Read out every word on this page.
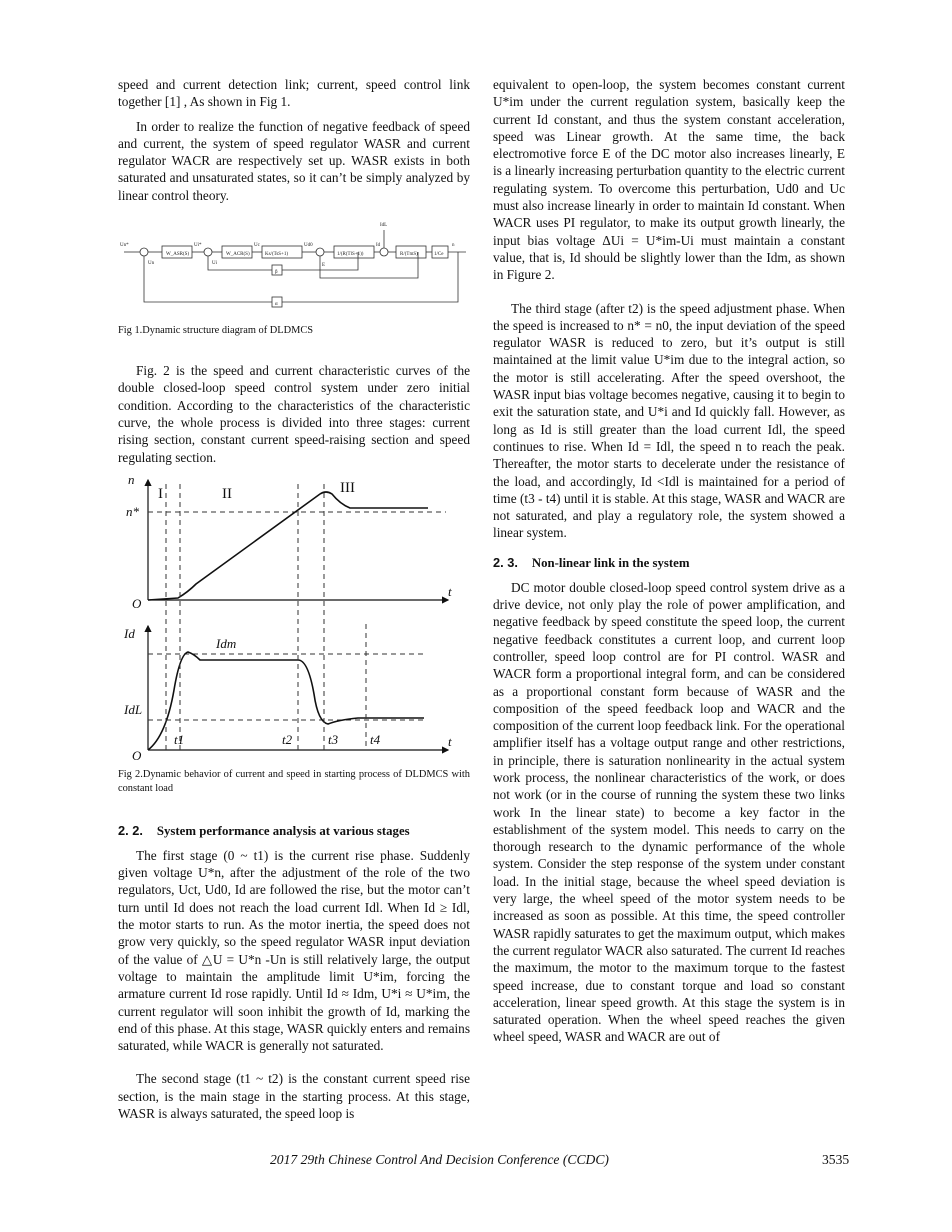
speed and current detection link; current, speed control link together [1] , As shown in Fig 1.

In order to realize the function of negative feedback of speed and current, the system of speed regulator WASR and current regulator WACR are respectively set up. WASR exists in both saturated and unsaturated states, so it can’t be simply analyzed by linear control theory.

W_ASR(S)	W_ACR(S)	Ks/(TsS+1)	1/(R(TlS+1))	R/(TmS)	1/Ce
β
α
Un*	Ui*	Uc	Ud0	Id
IdL
E
n
Un	Ui

Fig 1.Dynamic structure diagram of DLDMCS

Fig. 2 is the speed and current characteristic curves of the double closed-loop speed control system under zero initial condition. According to the characteristics of the characteristic curve, the whole process is divided into three stages: current rising section, constant current speed-raising section and speed regulating section.

n
n*
O
t
Id
O
t
Idm
IdL
t1	t2	t3 t4
I	II	III

Fig 2.Dynamic behavior of current and speed in starting process of DLDMCS with constant load

2. 2. System performance analysis at various stages

The first stage (0 ~ t1) is the current rise phase. Suddenly given voltage U*n, after the adjustment of the role of the two regulators, Uct, Ud0, Id are followed the rise, but the motor can’t turn until Id does not reach the load current Idl. When Id ≥ Idl, the motor starts to run. As the motor inertia, the speed does not grow very quickly, so the speed regulator WASR input deviation of the value of △U = U*n -Un is still relatively large, the output voltage to maintain the amplitude limit U*im, forcing the armature current Id rose rapidly. Until Id ≈ Idm, U*i ≈ U*im, the current regulator will soon inhibit the growth of Id, marking the end of this phase. At this stage, WASR quickly enters and remains saturated, while WACR is generally not saturated.

The second stage (t1 ~ t2) is the constant current speed rise section, is the main stage in the starting process. At this stage, WASR is always saturated, the speed loop is

equivalent to open-loop, the system becomes constant current U*im under the current regulation system, basically keep the current Id constant, and thus the system constant acceleration, speed was Linear growth. At the same time, the back electromotive force E of the DC motor also increases linearly, E is a linearly increasing perturbation quantity to the electric current regulating system. To overcome this perturbation, Ud0 and Uc must also increase linearly in order to maintain Id constant. When WACR uses PI regulator, to make its output growth linearly, the input bias voltage ΔUi = U*im-Ui must maintain a constant value, that is, Id should be slightly lower than the Idm, as shown in Figure 2.

The third stage (after t2) is the speed adjustment phase. When the speed is increased to n* = n0, the input deviation of the speed regulator WASR is reduced to zero, but it’s output is still maintained at the limit value U*im due to the integral action, so the motor is still accelerating. After the speed overshoot, the WASR input bias voltage becomes negative, causing it to begin to exit the saturation state, and U*i and Id quickly fall. However, as long as Id is still greater than the load current Idl, the speed continues to rise. When Id = Idl, the speed n to reach the peak. Thereafter, the motor starts to decelerate under the resistance of the load, and accordingly, Id <Idl is maintained for a period of time (t3 - t4) until it is stable. At this stage, WASR and WACR are not saturated, and play a regulatory role, the system showed a linear system.

2. 3. Non-linear link in the system

DC motor double closed-loop speed control system drive as a drive device, not only play the role of power amplification, and negative feedback by speed constitute the speed loop, the current negative feedback constitutes a current loop, and current loop controller, speed loop control are for PI control. WASR and WACR form a proportional integral form, and can be considered as a proportional constant form because of WASR and the composition of the speed feedback loop and WACR and the composition of the current loop feedback link. For the operational amplifier itself has a voltage output range and other restrictions, in principle, there is saturation nonlinearity in the actual system work process, the nonlinear characteristics of the work, or does not work (or in the course of running the system these two links work In the linear state) to become a key factor in the establishment of the system model. This needs to carry on the thorough research to the dynamic performance of the whole system. Consider the step response of the system under constant load. In the initial stage, because the wheel speed deviation is very large, the wheel speed of the motor system needs to be increased as soon as possible. At this time, the speed controller WASR rapidly saturates to get the maximum output, which makes the current regulator WACR also saturated. The current Id reaches the maximum, the motor to the maximum torque to the fastest speed increase, due to constant torque and load so constant acceleration, linear speed growth. At this stage the system is in saturated operation. When the wheel speed reaches the given wheel speed, WASR and WACR are out of

2017 29th Chinese Control And Decision Conference (CCDC)	3535
